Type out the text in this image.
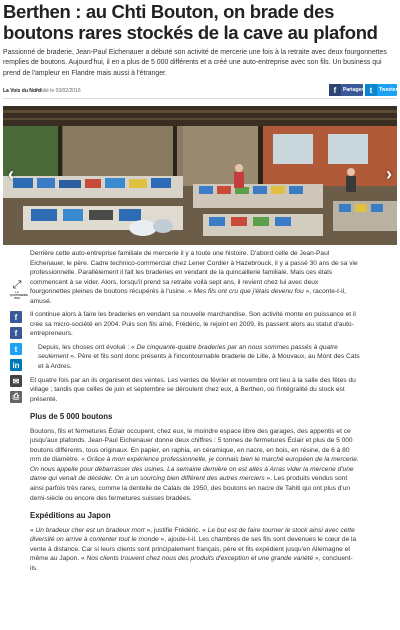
Berthen : au Chti Bouton, on brade des boutons rares stockés de la cave au plafond
Passionné de braderie, Jean-Paul Eichenauer a débuté son activité de mercerie une fois à la retraite avec deux fourgonnettes remplies de boutons. Aujourd'hui, il en a plus de 5 000 différents et a créé une auto-entreprise avec son fils. Un business qui prend de l'ampleur en Flandre mais aussi à l'étranger.
La Voix du Nord
Publié le 03/02/2016	f	Partager t	Tweeter
‹	›
⤢
LA QUOTIDIENNE 2016
f
f
t
in
✉
⎙

Derrière cette auto-entreprise familiale de mercerie il y a toute une histoire. D'abord celle de Jean-Paul Eichenauer, le père. Cadre technico-commercial chez Lener Cordier à Hazebrouck, il y a passé 30 ans de sa vie professionnelle. Parallèlement il fait les braderies en vendant de la quincaillerie familiale. Mais ces étals commencent à se vider. Alors, lorsqu'il prend sa retraite voilà sept ans, il revient chez lui avec deux fourgonnettes pleines de boutons récupérés à l'usine. « Mes fils ont cru que j'étais devenu fou », raconte-t-il, amusé.

Il continue alors à faire les braderies en vendant sa nouvelle marchandise. Son activité monte en puissance et il crée sa micro-société en 2004. Puis son fils aîné, Frédéric, le rejoint en 2009, ils passent alors au statut d'auto-entrepreneurs.

Depuis, les choses ont évolué : « De cinquante-quatre braderies par an nous sommes passés à quatre seulement ». Père et fils sont donc présents à l'incontournable braderie de Lille, à Mouvaux, au Mont des Cats et à Ardres.

Et quatre fois par an ils organisent des ventes. Les ventes de février et novembre ont lieu à la salle des fêtes du village ; tandis que celles de juin et septembre se déroulent chez eux, à Berthen, où l'intégralité du stock est présenté.

Plus de 5 000 boutons

Boutons, fils et fermetures Éclair occupent, chez eux, le moindre espace libre des garages, des appentis et ce jusqu'aux plafonds. Jean-Paul Eichenauer donne deux chiffres : 5 tonnes de fermetures Éclair et plus de 5 000 boutons différents, tous originaux. En papier, en raphia, en céramique, en nacre, en bois, en résine, de 6 à 80 mm de diamètre. « Grâce à mon expérience professionnelle, je connais bien le marché européen de la mercerie. On nous appelle pour débarrasser des usines. La semaine dernière on est allés à Arras vider la mercerie d'une dame qui venait de décéder. On a un sourcing bien différent des autres merciers ». Les produits vendus sont ainsi parfois très rares, comme la dentelle de Calais de 1950, des boutons en nacre de Tahiti qui ont plus d'un demi-siècle ou encore des fermetures suisses bradées.

Expéditions au Japon

« Un bradeux cher est un bradeux mort », justifie Frédéric. « Le but est de faire tourner le stock ainsi avec cette diversité on arrive à contenter tout le monde », ajoute-t-il. Les chambres de ses fils sont devenues le cœur de la vente à distance. Car si leurs clients sont principalement français, père et fils expédient jusqu'en Allemagne et même au Japon. « Nos clients trouvent chez nous des produits d'exception et une grande variété », concluent-ils.
